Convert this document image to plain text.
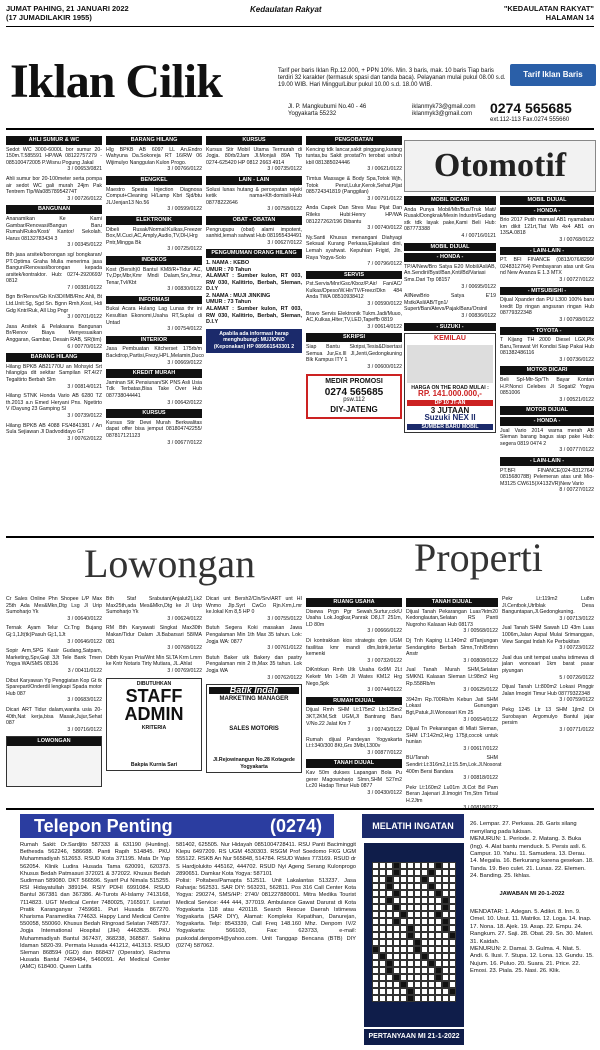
JUMAT PAHING, 21 JANUARI 2022
(17 JUMADILAKIR 1955)
Kedaulatan Rakyat	"KEDAULATAN RAKYAT"
HALAMAN 14
Iklan Cilik	Tarif per baris Iklan Rp.12.000, + PPN 10%. Min. 3 baris, mak. 10 baris Tiap baris terdiri 32 karakter (termasuk spasi dan tanda baca). Pelayanan mulai pukul 08.00 s.d. 19.00 WIB. Hari Minggu/Libur pukul 10.00 s.d. 18.00 WIB.
Tarif Iklan Baris
Jl. P. Mangkubumi No.40 - 46
Yogyakarta 55232
iklanmyk73@gmail.com
iklanmyk3@gmail.com 0274 565685
ext.112-113 Fax.0274 555660
AHLI SUMUR & WC
Sedot WC 3000-6000L bor sumur 20-150m.T.585591 HP/WA 08122757279 - 085100472005 P.Wisnu Pogung Jakal
3 / 00653/0821
Ahli sumur bor 20-100meter serta pompa air sedot WC gali murah 24jm Pak Tentrem Tlp/Wa08578954274T
3 / 00726/0122
BANGUNAN
Ananamikan Ke Kami Gambar/Renovasi/Bangun Baru Rumah/Ruko/Kost/ Kantor/ Sekolah. Harus 08132783434 3
3 / 00345/0122
Bth jasa arsitek/borongan sg/ bongkaran/ PT.Optima Graha Mulia menerima jasa Bangun/Renovasi/borongan kepada arsitek/kontraktor. Hub: 0274-2920693/ 0812
7 / 00381/0122
Bgn Br/Renov/Gb Kn/3D/IMB/Rnc Ahli, Bt Ltd.Unit:Sg, Sgd Sn. Bgnn Rmh,Kost, Hdi Gdg Kntr/Ruk, All Lbg Pngr
3 / 00701/0122
Jasa Arsitek & Pelaksana Bangunan Br/Renov Biaya Menyesuaikan Anggaran, Gambar, Desain RAB, SR(tim)
6 / 00770/0122
BARANG HILANG
Hilang BPKB AB21770U an Mohsyid Srt hilang/ga dit sekitar Sampilan RT.4/27 Tegaltirto Berbah Slm
3 / 00814/0121
Hilang STNK Honda Vario AB 6280 TZ th.2013 a.n Emed Heryani Pns. Ngetirto V /Dayung 23 Gamping Sl
3 / 00739/0122
Hilang BPKB AB 4088 FS/4841381 / An Sula Sejiawan Jl Dadvodidayo GT
3 / 00762/0122
BARANG HILANG
Hlg BPKB AB 6097 LL An.Endro Wahyuna Da.Sokoreja RT 16/RW 06 Wijimulyo Nanggulan Kulon Progo.
3 / 00766/0122
BENGKEL
Maestro Spesia Injection Diagnosa Comput+Cleaning H/Lamp Kbri Sjd/btu JL/Jenjan13 No.56
3 / 00599/0122
ELEKTRONIK
Dibeli Rusak/Normal:Kulkas,Freezer Box,M.Cuci,AC,Amply,Audio,TV,DH,Hrg Pntr,Mingga Bk
3 / 00725/0122
INDEKOS
Kost (Bersih)0 Bantul KM8/R+Tidur AC, Tv,Dpr,Mbr,Kmr Mndi Dalam,Srv,Jmur, Tenar,Tvl/Kbt
3 / 00830/0122
INFORMASI
Bukai Acara Hulang Lag Lunas thr ini Kesultian Ekonomi,Usaha RT,Suplai di Untad
3 / 00754/0122
INTERIOR
Jasa Pembuatan Kitcherset 175rb/m Backdrop,Partisi,Frezy,HPL,Melamin,Duco
3 / 00669/0122
KREDIT MURAH
Jaminan SK Pensiunan/SK PNS Asli Usia Tdk Terbatas,Bisa Take Over Hub 087738044441
3 / 00642/0122
KURSUS
Kursus Stir Dewi Murah Berkwalitas dapat offer bisa jemput 081804742255/ 087817121123
3 / 00677/0122
KURSUS
Kursus Stir Mobil Utama Termurah di Jogja. 80rb/2Jam Jl.Monjali 89A Tlp 0274-625420 HP 0812 2663 4914
3 / 00735/0122
LAIN - LAIN
Solusi lunas hutang & percepatan rejeki ketik nama+Kft-domisili-Hub 08778222646
3 / 00758/0122
OBAT - OBATAN
Pengrugupu (obat) alami impotent, sanhid,lemah sahwat Hub 081955434491
3 / 00627/0122
PENGUMUMAN ORANG HILANG
1. NAMA : KEBO
UMUR : 70 Tahun
ALAMAT : Sumber kulon, RT 003, RW 030, Kalitirto, Berbah, Sleman, D.I.Y
2. NAMA : MUJI JINKING
UMUR : 73 Tahun
ALAMAT : Sumber kulon, RT 003, RW 030, Kalitirto, Berbah, Sleman, D.I.Y
Apabila ada informasi harap menghubungi: MUJIONO (Keponakan) HP 089561543301 2
PENGOBATAN
Kencing tdk lancar,sakit pinggang,kurang tuntas,bu Sakit prostat?n terobat unbuh kbll 081385024446
3 / 00621/0122
Timtus Massage & Body Spa,Totok Wjh, Totok Perut,Lulur,Kerok,Sehat,Pijat 085724341819 (Panggilan)
3 / 00791/0122
Anda Capek Dan Stres Mau Pijat Dan Rileks Hubi:Henry HP/WA 081227262/196 Dibantu
3 / 00740/0122
Ny.Santi Khusus menangani Diahyagi Seksual Kurang Perkasa,Ejakulasi dini, Lemah syahwat. Kepuhian Frigid, Jln. Raya Yogya-Solo
7 / 00796/0122
SERVIS
Pst.Servis/Mnr/Gsc/Kboz/P.Air/ Fan/AC/ Kulkas/Dpeso/W.Hlr/TV/Freez/Dkn 484 Anda TWA 08510938412
3 / 00590/0122
Bravo Servis Elektronik Tukm.Jadi/Muuo, AC,Kulkas,Hlter,TV,LED,Tapeffb 0819
3 / 00614/0122
SKRIPSI
Siap Bantu Skripsi,Tesis&Disertasi Semua Jur,Ex.Ill Jl,Jenti,Gedongkuning Blk Kampus ITY 1
3 / 00600/0122
MEDIR PROMOSI
0274 565685
psw.112
DIY-JATENG
Otomotif
MOBIL DICARI
Anda Punya Mobil/Mtr/Bus/Truk Mati/ Rusak/Dongkrak/Mesin Industri/Gudang stk tdk layak pake,Kami Beli Hub: 087773388
4 / 00716/0121
MOBIL DIJUAL
- HONDA -
TP/A/New/Bro Satya E20 Mobil/AsliAB, An.Sendiri/Byat/Ban,Knti/Bd/Variasi Sms.Dari Trp 08157
3 / 00695/0122
AllNewBrio Satya E'19 Mstk/Asli/AB/Tgn1/ Supert/Ban/Atevs/Pajak/Baru/Orsinil
3 / 00836/0122
- SUZUKI -
KEMILAU
HARGA ON THE ROAD MULAI :
RP. 141.000.000,-
DP 10 JT-AN
3 JUTAAN
Suzuki NEX II
SUMBER BARU MOBIL
MOBIL DIJUAL
- HONDA -
Brio 2017 Putih manual AB1 nyamabaru km dikit 121rt,Tlat Wb 4x4 AB1 on 13SA.0818
3 / 00768/0122
- LAIN-LAIN -
PT. BFI FINANCE (0813/076/8290/ 0248312764) Pembayaran atas unit Gra nd New Avanza E 1.3 MTX
3 / 00727/0122
- MITSUBISHI -
Dijual Xpander dan PU L300 100% baru kredit Dp ringan angsuran ringan Hub 08779322348
3 / 00798/0122
- TOYOTA -
T Kijang TH 2000 Diesel LGX,Plx Baru,Terawat Vrl Kondisi Siap Pakai Hub 081382486116
3 / 00736/0122
MOTOR DICARI
Beli Spl-Mtr-Sp/Th Bayar Kontan H.P.Nonci Celebes JI Sogati2 Yogya 0851006
3 / 00521/0122
MOTOR DIJUAL
- HONDA -
Jual Vario 2014 warna merah AB Sleman barang bagus siap pake Hub: segera 0819 0474 2
3 / 00777/0122
- LAIN-LAIN -
PT.BFI FINANCE(024-8312764/ 081568078B) Pelemeran atas unit Mio-M3125 CW615(X4132VR)New Vario
8 / 00727/0122
Lowongan	Properti
Cr Sales Online Phn Shopee L/P Max 25th Ada Mes&Mkn,Dtg Lsg Jl Urip Sumoharjo Yk
3 / 00640/0122
Ternak Ayam Telur Cr.Tng Bujang Gj:1,1Jt(tk)Pasuh Gj:1,1Jt
3 / 00646/0122
Sopir Arm,SPG Kasir Gudang,Satpam, Marketing,Spv,Gaji 3Jt Tele Bank Tmen Yogya WA/SMS 08136
3 / 00411/0122
Dibut Karyawan Yg Penggiatan Kop Gt tk Sparepart/Onderdil lengkapi Spada motor Hub 087
3 / 00683/0122
Dicari ART Tidur dalam,wanita usia 20-40th,Nat kerja,bisa Masak,Jujur,Sehat 087
3 / 00716/0122
LOWONGAN
Bth Staf Srabutan(Anjalut2),Lk2 Max25th,ada Mes&Mkn,Dtg ke Jl Urip Sumoharjo Yk
3 / 00624/0122
RM Bth Karyawati Singkat Max30th Makan/Tidur Dalam Jl.Babarsari 58/MA 081
3 / 00768/0122
Dibth Kryan Pria/Wnt Min SLTA Krm Lmrn ke Kntr Notaris Tirty Mutiara, JL.Ahlat
3 / 00769/0122
DIBUTUHKAN
STAFF
ADMIN
KRITERIA
Bakpia Kurnia Sari
Dicari unt Bersh2/Cln/Srv/ART unt HI Wnmo Jlp.Syrt CwCo Rjn.Krm,Lmr ke.lokal Km 8,5 HP 0
3 / 00755/0122
Butuh Segera Koki masakan Jawa Pengalaman Min 1th Max 35 tahun. Lok: Jogja WA: 0877
3 / 00761/0122
Butuh Baker utk Bakery dan pastry Pengalaman min 2 th,Max 35 tahun. Lok Jogja WA
3 / 00762/0122
Batik Indah
MARKETING MANAGER
SALES MOTORIS
Jl.Rejowinangun No.28 Kotagede Yogyakarta
RUANG USAHA
Disewa Prgn Pgr Sewah,Surtur,cck/U Usaha Lok.Jogjkar,Panrak D8,LT 251m, LD 80m
3 / 00666/0122
Di kontrakkan kios strategis dpn UGM fasilitas kmr mandi dlm,listrik,tertar kemenki
3 / 00732/0122
DiKntrkan Rmh Utk Usaha 6x9M 2Lt Keketr Mn 1-6th Jl Wates KM12 Hrg Nego,Spk
3 / 00744/0122
RUMAH DIJUAL
Dijual Rmh SHM Lt:175m2 Lb:125m2 3KT,2KM,Sdt UGM,Jl Bantrang Baru V/No.22 Jalat Km 7
3 / 00740/0122
Rumah dijual Pandeyan Yogyakarta Lt:l:340/300 8Kt,Grs 3Mbl,1300v
3 / 00877/0122
TANAH DIJUAL
Kav 50m dukses Lapangan Bola Pu gerer Magowoharjo Slmn,SHM 527m2 Lc20 Hadap Timur Hub 0877
3 / 00430/0122
TANAH DIJUAL
Dijual Tanah Pekarangan Luas?ktm20 Kedonglautan,Selatan RS Panti Nugroho Kalasan Hub 08173
3 / 00568/0122
Dj Tnh Kaping Lt.140m2 d/Tanjungan Sendangtirto Berbah Slmn,Tnh/Brtmn Anstr
3 / 00808/0122
Jual Tanah Murah SHM,Selatan SMKN1 Kalasan Sleman Lt:98m2 Hrg Rp.558Rb/m
3 / 00625/0122
3942m Rp.700Rb/m Kebun Jati SHM Lokasi Gunungan Bgt,Patuk,Jl.Wonosari Km 25
3 / 00654/0122
Dijual Tn Pekarangan di Mlati Sleman, SHM LT:142m2,Hrg 175jt,cocok untuk hunian
3 / 00617/0122
BU/Tanah SHM Sendiri:Lt:316m2,Lt:15.5m,Lok.Jl.Nosorat 400m Bersi Bandara
3 / 00818/0122
Pekr Lt:160m2 Lu01m Jl.Cot Bd Pam Beran Jajenari Jl.lmogiri Trn,Strn Tirtsal H.2Jtm
Pekr Lt:119m2 Lu8m Jl.Centbok,Utrlblak Desa Banguntapan,Jl.Gedongkuning.
3 / 00713/0122
Jual Tanah SHM Sawah LD 43m Luas 1006m,Jalan Aspal Mulai Srimanggan, View Sangat Indah Ke Perbukitan
3 / 00723/0122
Jual dua unit tempat usaha istimewa di jalan wonosari 1km barat pasar piyungan
5 / 00726/0122
Dijual Tanah Lt:800m2 Lokasi Pinggir Jalan Imogiri Timur Hub 08779322348
3 / 00759/0122
Pekg 1245 Ltr 13 SHM 1jlm2 Di Surobayan Argomulyo Bantul jajar persim
3 / 00771/0122
Telepon Penting	(0274)
Rumah Sakit: Dr.Sardjito 587333 & 631190 (Hunting). Bethesda 562246, 586688. Panti Rapih 514845. PKU Muhammadiyah 512653. RSUD Kota 371195. Mata Dr Yap 562054. Klinik Ludira Husada Tama 620091, 620373. Khusus Bedah Patmasuri 372021 & 372022. Khusus Bedah Sudirman 589080. DKT 566596. Syarif Pul Nimala 515255. RSI Hidayatullah 389194. RSIY PDHI 6991084. RSUD Bantul 367381 dan 367386. At-Turots Al-Islamy 7413168, 7114823. UGT Medical Center 7480025, 7165917. Lestari Pratik Karanganyar 7459681. Puri Husada 867270. Kharisma Paramedika 774633. Happy Land Medical Centre 550058, 550060. Khusus Bedah Ringroad Selatan 7485737. Jogja International Hospital (JIH) 4463535. PKU Muhammadiyah Bantul 367437, 368238, 368587. Sakina Idaman 5820-39. Permata Husada 441212, 441313. RSUD Sleman 868594 (IGD) dan 868437 (Operator). Rachma Husada Bantul 7459484, 5460091. Ari Medical Center (AMC) 618400. Queen Latifa
581402, 625505. Nur Hidayah 0851004728411. RSU Panti Baciminggit Klepu 6497209. RS UGM 4530303. RSGM Prof Soedomo FKG UGM 555122. RSKB An Nur 565848, 514784. RSUD Wates 773169. RSUD dr S Hardjolukito 445162, 444702. RSUD Nyi Ageng Serang Kulonprogo 2890651. Damkar Kota Yogya: 587101
Polisi: Poltabes/Pamapta 512511. Unit Lakalantas 513237. Jasa Raharja: 562531. SAR DIY: 563231, 562811. Pos 316 Call Center Kota Yogya: 290274, SMS/HP: 2740/ 081227880001. Mitra Medika Tourist Medical Service: 444 444, 377019. Ambulance Gawat Darurat di Kota Yogyakarta 118 atau 420118. Search Rescue Daerah Istimewa Yogyakarta (SAR DIY), Alamat: Kompleks Kepatihan, Danurejan, Yogyakarta. Telp: 8543339, Call Freq 148.160 Mhz. Denpom IV/2 Yogyakarta: 566103, Fax: 623733, e-mail: puskodal.denpom4@yahoo.com. Unit Tanggap Bencana (BTB) DIY (0274) 587062.
MELATIH INGATAN
PERTANYAAN MI 21-1-2022

26. Lempar. 27. Perkasa. 28. Garis silang menyilang pada lukisan.
MENURUN: 1. Periode. 2. Matang. 3. Buka (Ing). 4. Alat bantu menduck. 5. Persis asli. 6. Campur. 10. Yahu. 11. Samudera. 13. Derau. 14. Megalia. 16. Berkurang karena gesekan. 18. Tanda. 19. Beo culet. 21. Lunas. 22. Elemen. 24. Banding. 25. Ikhlas.

JAWABAN MI 20-1-2022

MENDATAR: 1. Adegan. 5. Adikri. 8. Inn. 9. Omel. 10. Usut. 11. Matriks. 12. Loga. 14. Inap. 17. Nona. 18. Ajek. 19. Asap. 22. Empu. 24. Rangkum. 27. Saji. 28. Obat. 29. Sn. 30. Materi. 31. Kaidah.
MENURUN: 2. Damai. 3. Gulma. 4. Niat. 5. Andi. 6. Ilusi. 7. Stupa. 12. Lona. 13. Gundu. 15. Nujum. 16. Puluo. 20. Suara. 21. Price. 22. Emosi. 23. Piala. 25. Nasi. 26. Klik.
